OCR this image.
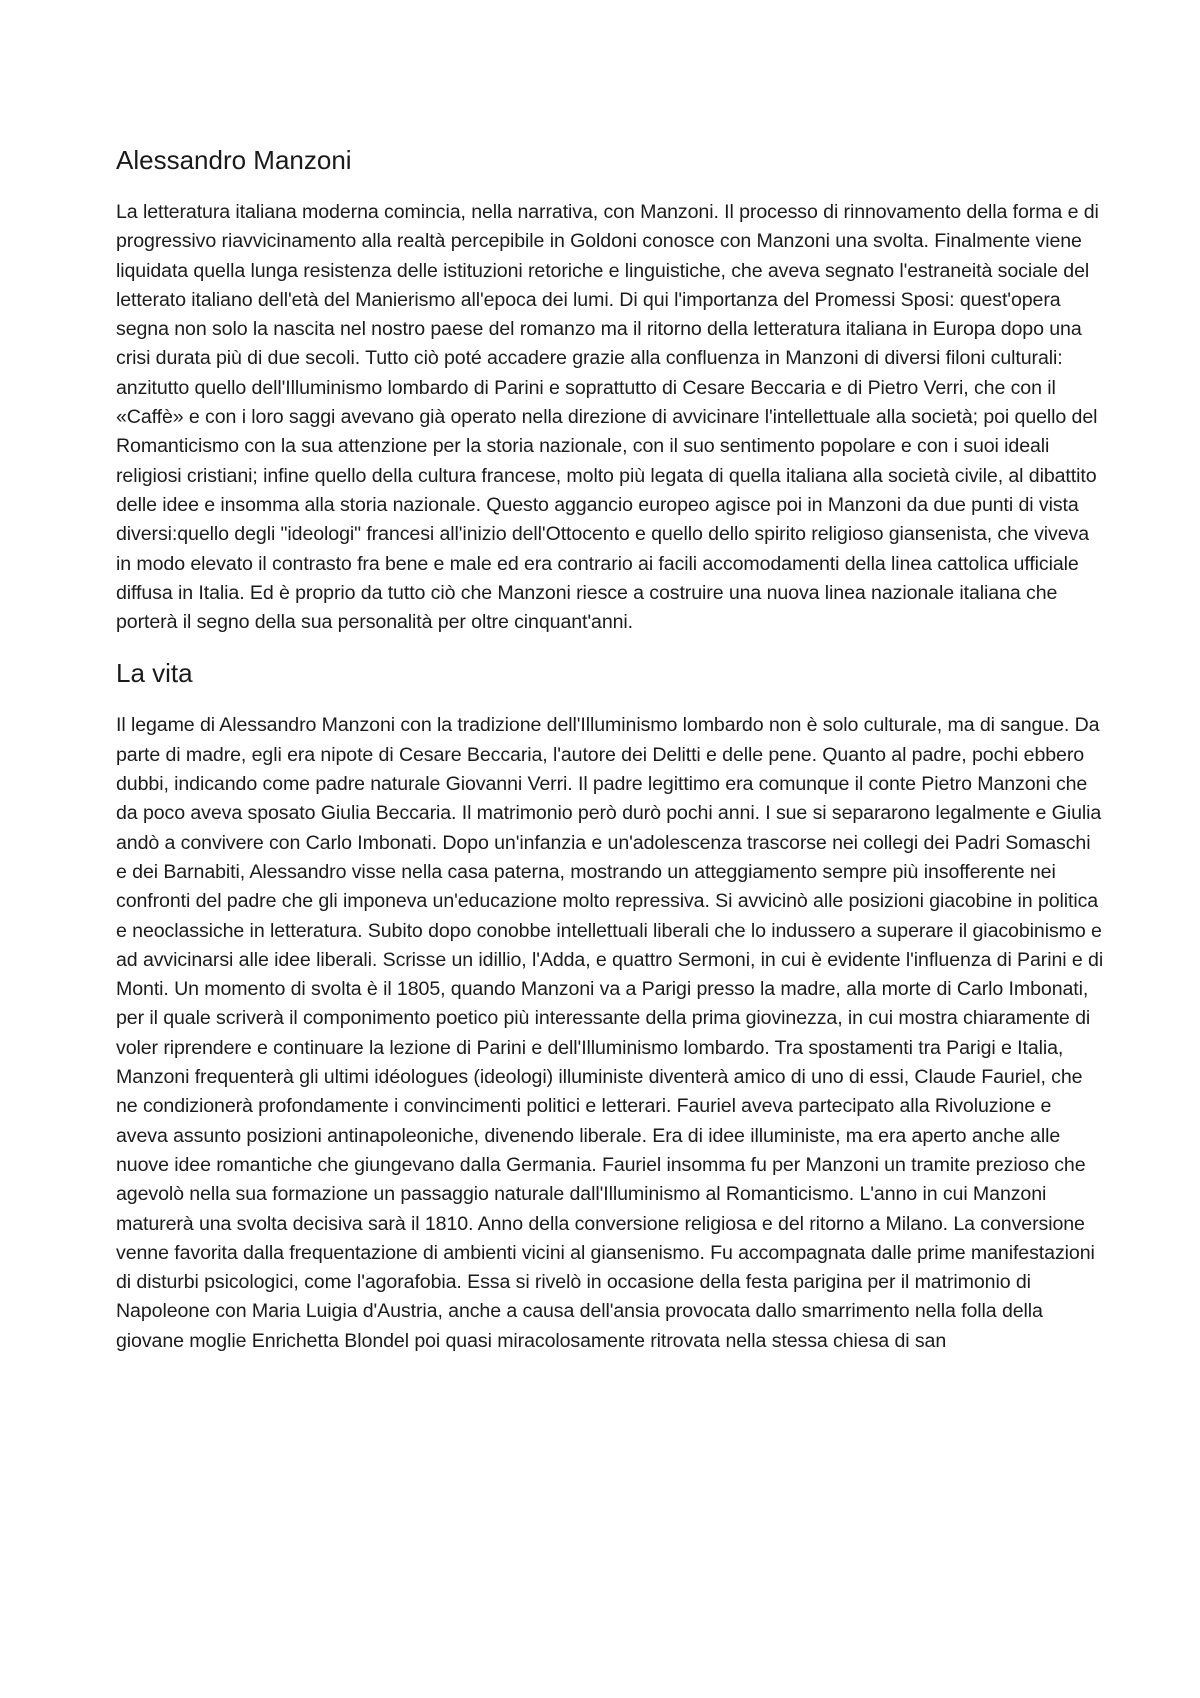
Alessandro Manzoni

La letteratura italiana moderna comincia, nella narrativa, con Manzoni. Il processo di rinnovamento della forma e di progressivo riavvicinamento alla realtà percepibile in Goldoni conosce con Manzoni una svolta. Finalmente viene liquidata quella lunga resistenza delle istituzioni retoriche e linguistiche, che aveva segnato l'estraneità sociale del letterato italiano dell'età del Manierismo all'epoca dei lumi. Di qui l'importanza del Promessi Sposi: quest'opera segna non solo la nascita nel nostro paese del romanzo ma il ritorno della letteratura italiana in Europa dopo una crisi durata più di due secoli. Tutto ciò poté accadere grazie alla confluenza in Manzoni di diversi filoni culturali: anzitutto quello dell'Illuminismo lombardo di Parini e soprattutto di Cesare Beccaria e di Pietro Verri, che con il «Caffè» e con i loro saggi avevano già operato nella direzione di avvicinare l'intellettuale alla società; poi quello del Romanticismo con la sua attenzione per la storia nazionale, con il suo sentimento popolare e con i suoi ideali religiosi cristiani; infine quello della cultura francese, molto più legata di quella italiana alla società civile, al dibattito delle idee e insomma alla storia nazionale. Questo aggancio europeo agisce poi in Manzoni da due punti di vista diversi:quello degli "ideologi" francesi all'inizio dell'Ottocento e quello dello spirito religioso giansenista, che viveva in modo elevato il contrasto fra bene e male ed era contrario ai facili accomodamenti della linea cattolica ufficiale diffusa in Italia. Ed è proprio da tutto ciò che Manzoni riesce a costruire una nuova linea nazionale italiana che porterà il segno della sua personalità per oltre cinquant'anni.

La vita

Il legame di Alessandro Manzoni con la tradizione dell'Illuminismo lombardo non è solo culturale, ma di sangue. Da parte di madre, egli era nipote di Cesare Beccaria, l'autore dei Delitti e delle pene. Quanto al padre, pochi ebbero dubbi, indicando come padre naturale Giovanni Verri. Il padre legittimo era comunque il conte Pietro Manzoni che da poco aveva sposato Giulia Beccaria. Il matrimonio però durò pochi anni. I sue si separarono legalmente e Giulia andò a convivere con Carlo Imbonati. Dopo un'infanzia e un'adolescenza trascorse nei collegi dei Padri Somaschi e dei Barnabiti, Alessandro visse nella casa paterna, mostrando un atteggiamento sempre più insofferente nei confronti del padre che gli imponeva un'educazione molto repressiva. Si avvicinò alle posizioni giacobine in politica e neoclassiche in letteratura. Subito dopo conobbe intellettuali liberali che lo indussero a superare il giacobinismo e ad avvicinarsi alle idee liberali. Scrisse un idillio, l'Adda, e quattro Sermoni, in cui è evidente l'influenza di Parini e di Monti. Un momento di svolta è il 1805, quando Manzoni va a Parigi presso la madre, alla morte di Carlo Imbonati, per il quale scriverà il componimento poetico più interessante della prima giovinezza, in cui mostra chiaramente di voler riprendere e continuare la lezione di Parini e dell'Illuminismo lombardo. Tra spostamenti tra Parigi e Italia, Manzoni frequenterà gli ultimi idéologues (ideologi) illuministe diventerà amico di uno di essi, Claude Fauriel, che ne condizionerà profondamente i convincimenti politici e letterari. Fauriel aveva partecipato alla Rivoluzione e aveva assunto posizioni antinapoleoniche, divenendo liberale. Era di idee illuministe, ma era aperto anche alle nuove idee romantiche che giungevano dalla Germania. Fauriel insomma fu per Manzoni un tramite prezioso che agevolò nella sua formazione un passaggio naturale dall'Illuminismo al Romanticismo. L'anno in cui Manzoni maturerà una svolta decisiva sarà il 1810. Anno della conversione religiosa e del ritorno a Milano. La conversione venne favorita dalla frequentazione di ambienti vicini al giansenismo. Fu accompagnata dalle prime manifestazioni di disturbi psicologici, come l'agorafobia. Essa si rivelò in occasione della festa parigina per il matrimonio di Napoleone con Maria Luigia d'Austria, anche a causa dell'ansia provocata dallo smarrimento nella folla della giovane moglie Enrichetta Blondel poi quasi miracolosamente ritrovata nella stessa chiesa di san
